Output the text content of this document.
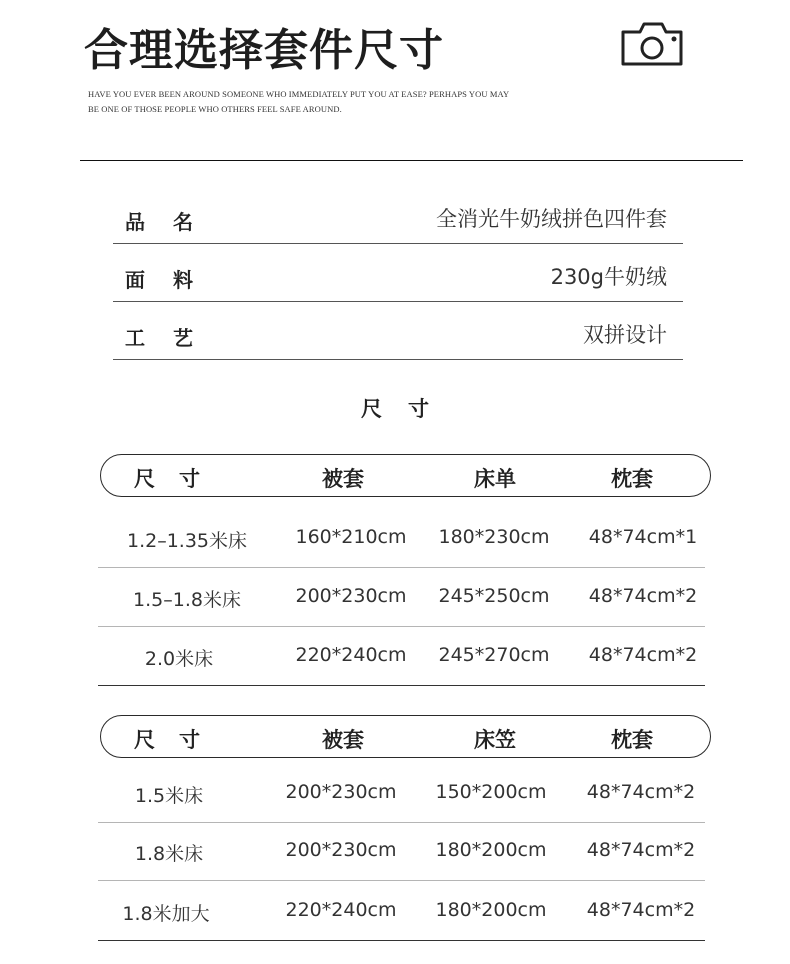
合理选择套件尺寸
HAVE YOU EVER BEEN AROUND SOMEONE WHO IMMEDIATELY PUT YOU AT EASE? PERHAPS YOU MAY
BE ONE OF THOSE PEOPLE WHO OTHERS FEEL SAFE AROUND.
品 名	全消光牛奶绒拼色四件套
面 料	230g牛奶绒
工 艺	双拼设计
尺 寸
尺 寸	被套	床单	枕套
1.2–1.35米床	160*210cm 180*230cm 48*74cm*1
1.5–1.8米床	200*230cm 245*250cm 48*74cm*2
2.0米床	220*240cm 245*270cm 48*74cm*2
尺 寸	被套	床笠	枕套
1.5米床	200*230cm 150*200cm 48*74cm*2
1.8米床	200*230cm 180*200cm 48*74cm*2
1.8米加大	220*240cm 180*200cm 48*74cm*2
